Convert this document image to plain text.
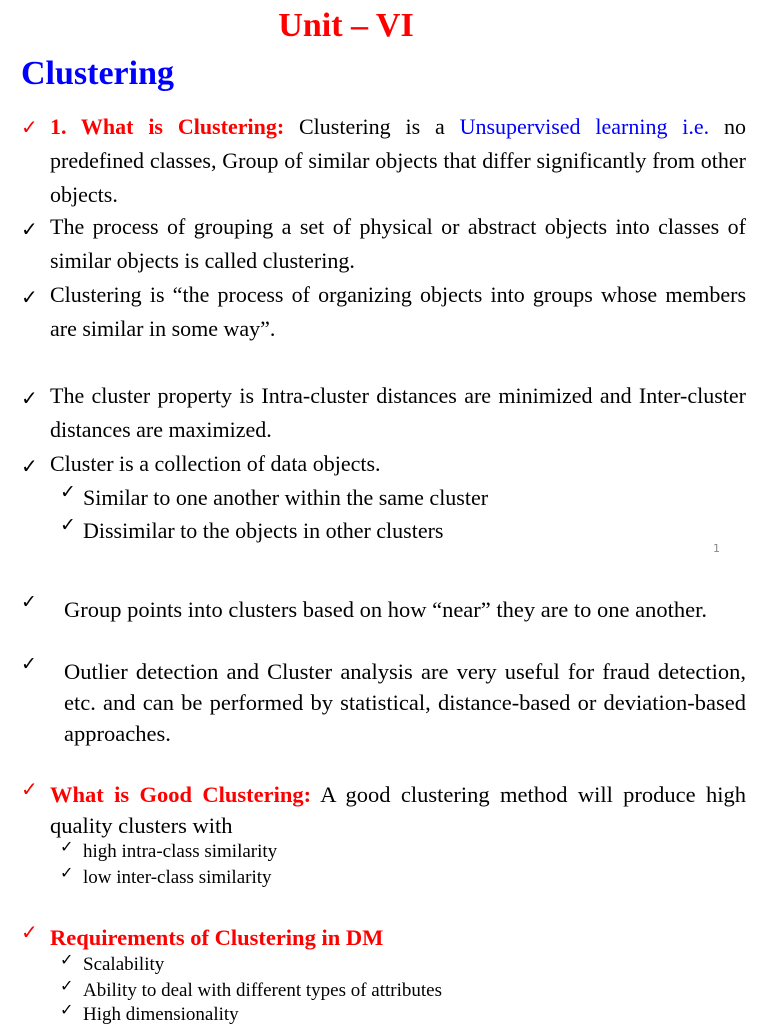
Unit – VI
Clustering
✓ 1. What is Clustering: Clustering is a Unsupervised learning i.e. no predefined classes, Group of similar objects that differ significantly from other objects.
✓ The process of grouping a set of physical or abstract objects into classes of similar objects is called clustering.
✓ Clustering is “the process of organizing objects into groups whose members are similar in some way”.
✓ The cluster property is Intra-cluster distances are minimized and Inter-cluster distances are maximized.
✓ Cluster is a collection of data objects.
✓ Similar to one another within the same cluster
✓ Dissimilar to the objects in other clusters
1
✓ Group points into clusters based on how “near” they are to one another.
✓ Outlier detection and Cluster analysis are very useful for fraud detection, etc. and can be performed by statistical, distance-based or deviation-based approaches.
✓ What is Good Clustering: A good clustering method will produce high quality clusters with
✓ high intra-class similarity
✓ low inter-class similarity
✓ Requirements of Clustering in DM
✓ Scalability
✓ Ability to deal with different types of attributes
✓ High dimensionality
